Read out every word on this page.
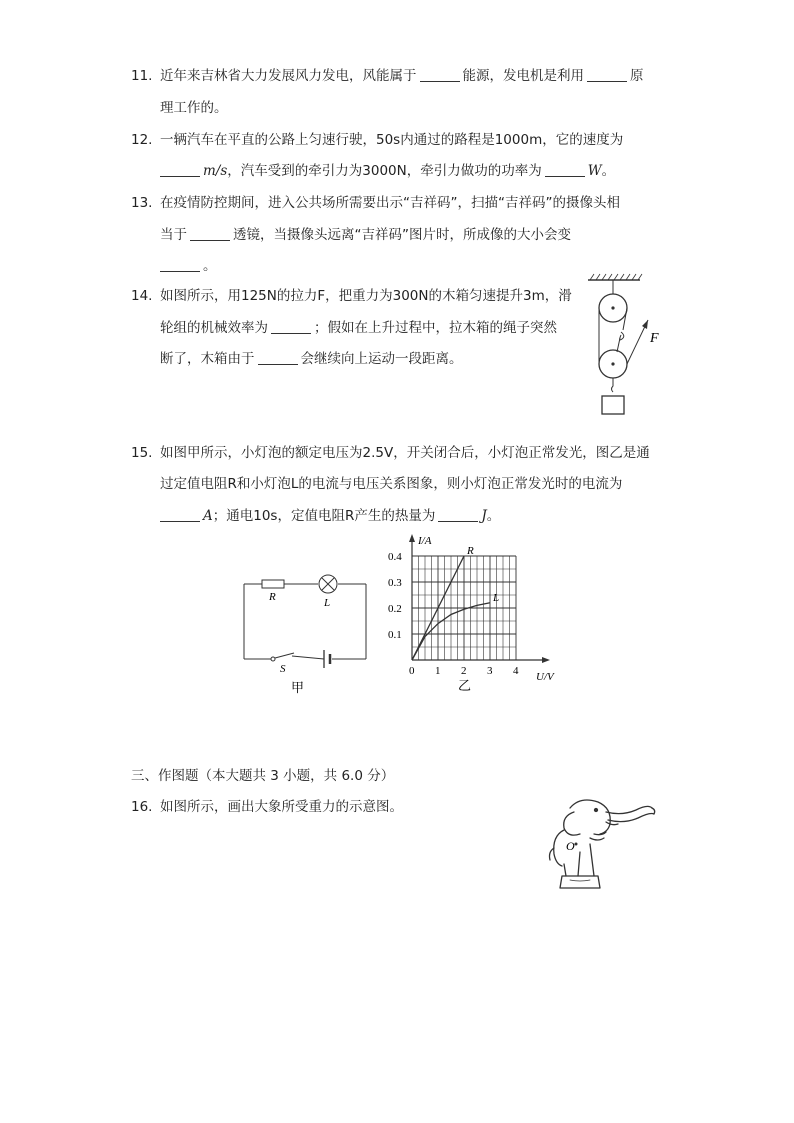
11. 近年来吉林省大力发展风力发电，风能属于	能源，发电机是利用	原
理工作的。
12. 一辆汽车在平直的公路上匀速行驶，50s内通过的路程是1000m，它的速度为
m/s，汽车受到的牵引力为3000N，牵引力做功的功率为	W。
13. 在疫情防控期间，进入公共场所需要出示“吉祥码”，扫描“吉祥码”的摄像头相
当于	透镜，当摄像头远离“吉祥码”图片时，所成像的大小会变
。
14. 如图所示，用125N的拉力F，把重力为300N的木箱匀速提升3m，滑
轮组的机械效率为	；假如在上升过程中，拉木箱的绳子突然
断了，木箱由于	会继续向上运动一段距离。
F
15. 如图甲所示，小灯泡的额定电压为2.5V，开关闭合后，小灯泡正常发光，图乙是通
过定值电阻R和小灯泡L的电流与电压关系图象，则小灯泡正常发光时的电流为
A；通电10s，定值电阻R产生的热量为	J。
R	L
S
甲
0 1 2 3 4
0.1
0.2
0.3
0.4
U/V
I/A
R
L
乙
三、作图题（本大题共 3 小题，共 6.0 分）
16. 如图所示，画出大象所受重力的示意图。
O
